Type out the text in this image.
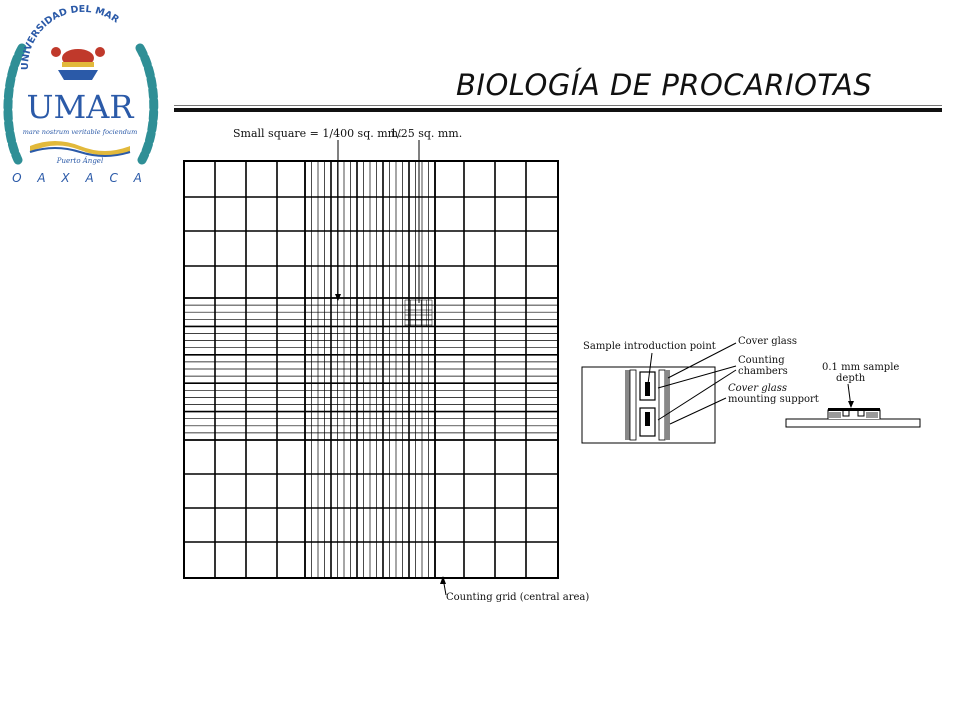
UNIVERSIDAD DEL MAR
UMAR
mare nostrum veritable fociendum
Puerto Ángel
O A X A C A
BIOLOGÍA DE PROCARIOTAS
Small square = 1/400 sq. mm.
1/25 sq. mm.
Counting grid (central area)
Sample introduction point Cover glass
Counting
chambers
Cover glass
mounting support
0.1 mm sample
depth
